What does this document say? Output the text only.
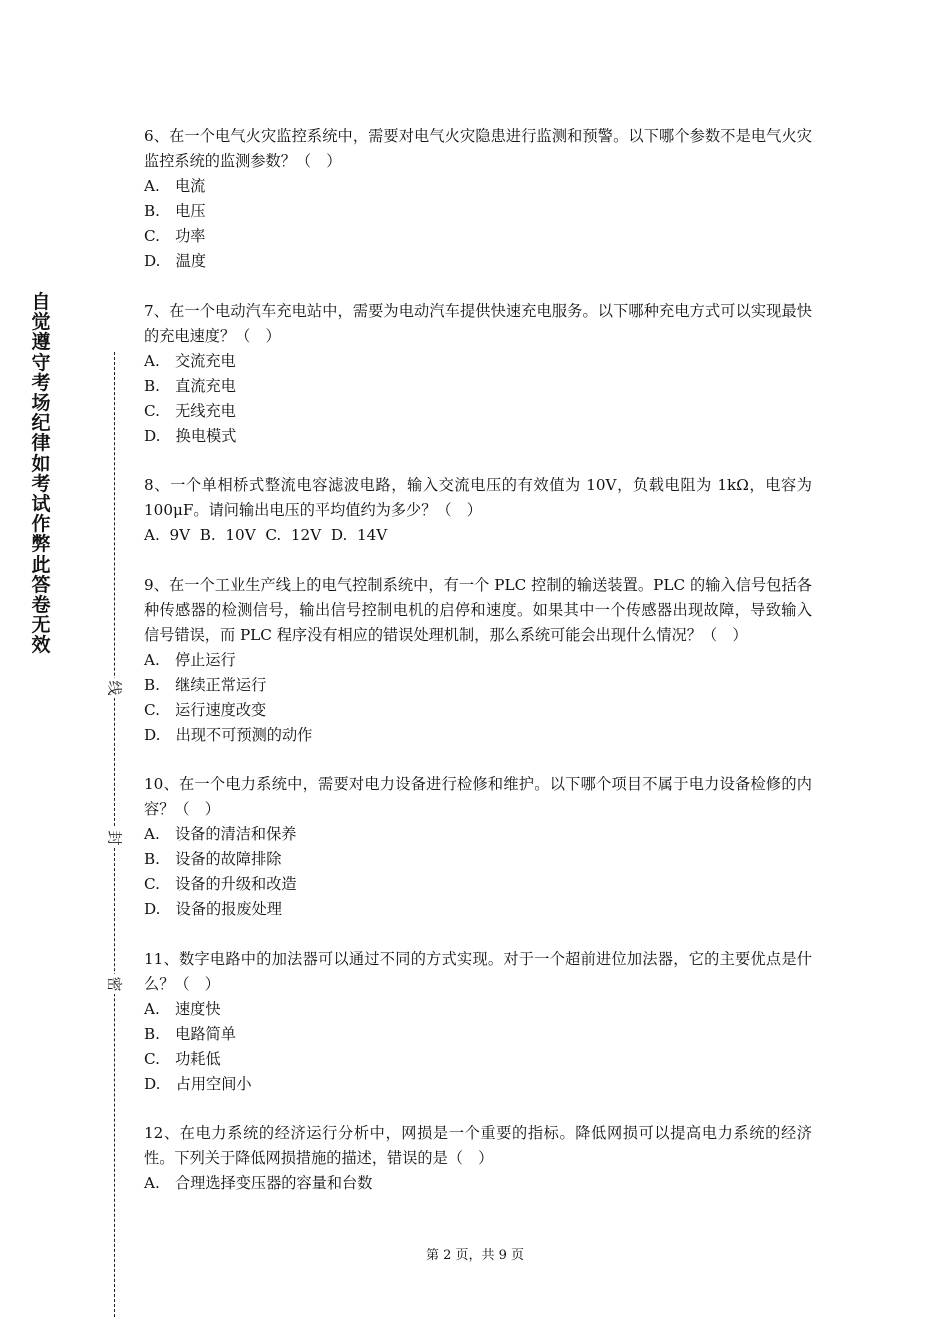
自觉遵守考场纪律如考试作弊此答卷无效
线
封
密

6、在一个电气火灾监控系统中，需要对电气火灾隐患进行监测和预警。以下哪个参数不是电气火灾监控系统的监测参数？（　）

A.　电流

B.　电压

C.　功率

D.　温度

7、在一个电动汽车充电站中，需要为电动汽车提供快速充电服务。以下哪种充电方式可以实现最快的充电速度？（　）

A.　交流充电

B.　直流充电

C.　无线充电

D.　换电模式

8、一个单相桥式整流电容滤波电路，输入交流电压的有效值为 10V，负载电阻为 1kΩ，电容为 100μF。请问输出电压的平均值约为多少？（　）

A.  9V  B.  10V  C.  12V  D.  14V

9、在一个工业生产线上的电气控制系统中，有一个 PLC 控制的输送装置。PLC 的输入信号包括各种传感器的检测信号，输出信号控制电机的启停和速度。如果其中一个传感器出现故障，导致输入信号错误，而 PLC 程序没有相应的错误处理机制，那么系统可能会出现什么情况？（　）

A.　停止运行

B.　继续正常运行

C.　运行速度改变

D.　出现不可预测的动作

10、在一个电力系统中，需要对电力设备进行检修和维护。以下哪个项目不属于电力设备检修的内容？（　）

A.　设备的清洁和保养

B.　设备的故障排除

C.　设备的升级和改造

D.　设备的报废处理

11、数字电路中的加法器可以通过不同的方式实现。对于一个超前进位加法器，它的主要优点是什么？（　）

A.　速度快

B.　电路简单

C.　功耗低

D.　占用空间小

12、在电力系统的经济运行分析中，网损是一个重要的指标。降低网损可以提高电力系统的经济性。下列关于降低网损措施的描述，错误的是（　）

A.　合理选择变压器的容量和台数

第 2 页，共 9 页
